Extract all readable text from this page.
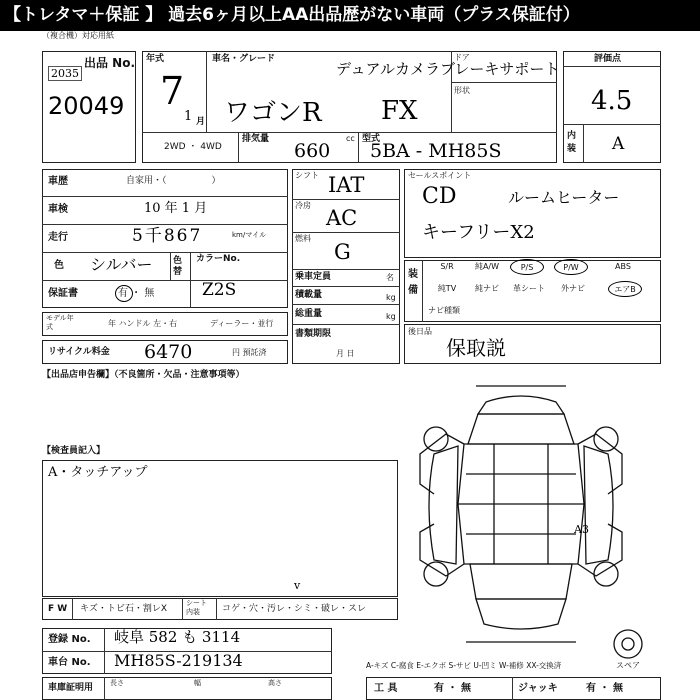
【トレタマ＋保証 】 過去6ヶ月以上AA出品歴がない車両（プラス保証付）
（複合機）対応用紙
出品 No.
2035
20049
年式
7
1 月
車名・グレード
デュアルカメラブレーキサポート
ワゴンR FX
ドア
形状
2WD ・ 4WD
排気量
660
cc 型式
5BA - MH85S
評価点
4.5
内装 A
車歴	自家用・（　　　　　）
車検	10 年 1 月
走行	5千867	km/マイル
色 シルバー 色替
カラーNo.
Z2S
保証書	有 ・ 無
モデル年式	年 ハンドル 左・右	ディーラー・並行
リサイクル料金 6470	円 預託済
シフト IAT
冷房
AC
燃料
G
乗車定員	名
積載量	kg
総重量	kg
書類期限
月 日
セールスポイント
CD	ルームヒーター
キーフリーX2
装備
S/R	純A/W	P/S	P/W	ABS
純TV	純ナビ	革シート	外ナビ	エアB
ナビ種類
後日品
保取説
【出品店申告欄】（不良箇所・欠品・注意事項等）
【検査員記入】
A・タッチアップ
A3
スペア
A-キズ C-腐食 E-エクボ S-サビ U-凹ミ W-補修 XX-交換済
F W キズ・トビ石・割レX
シート内装	コゲ・穴・汚レ・シミ・破レ・スレ
v
登録 No. 岐阜 582 も 3114
車台 No. MH85S-219134
車庫証明用 長さ	幅	高さ	工 具	有 ・ 無	ジャッキ	有 ・ 無
